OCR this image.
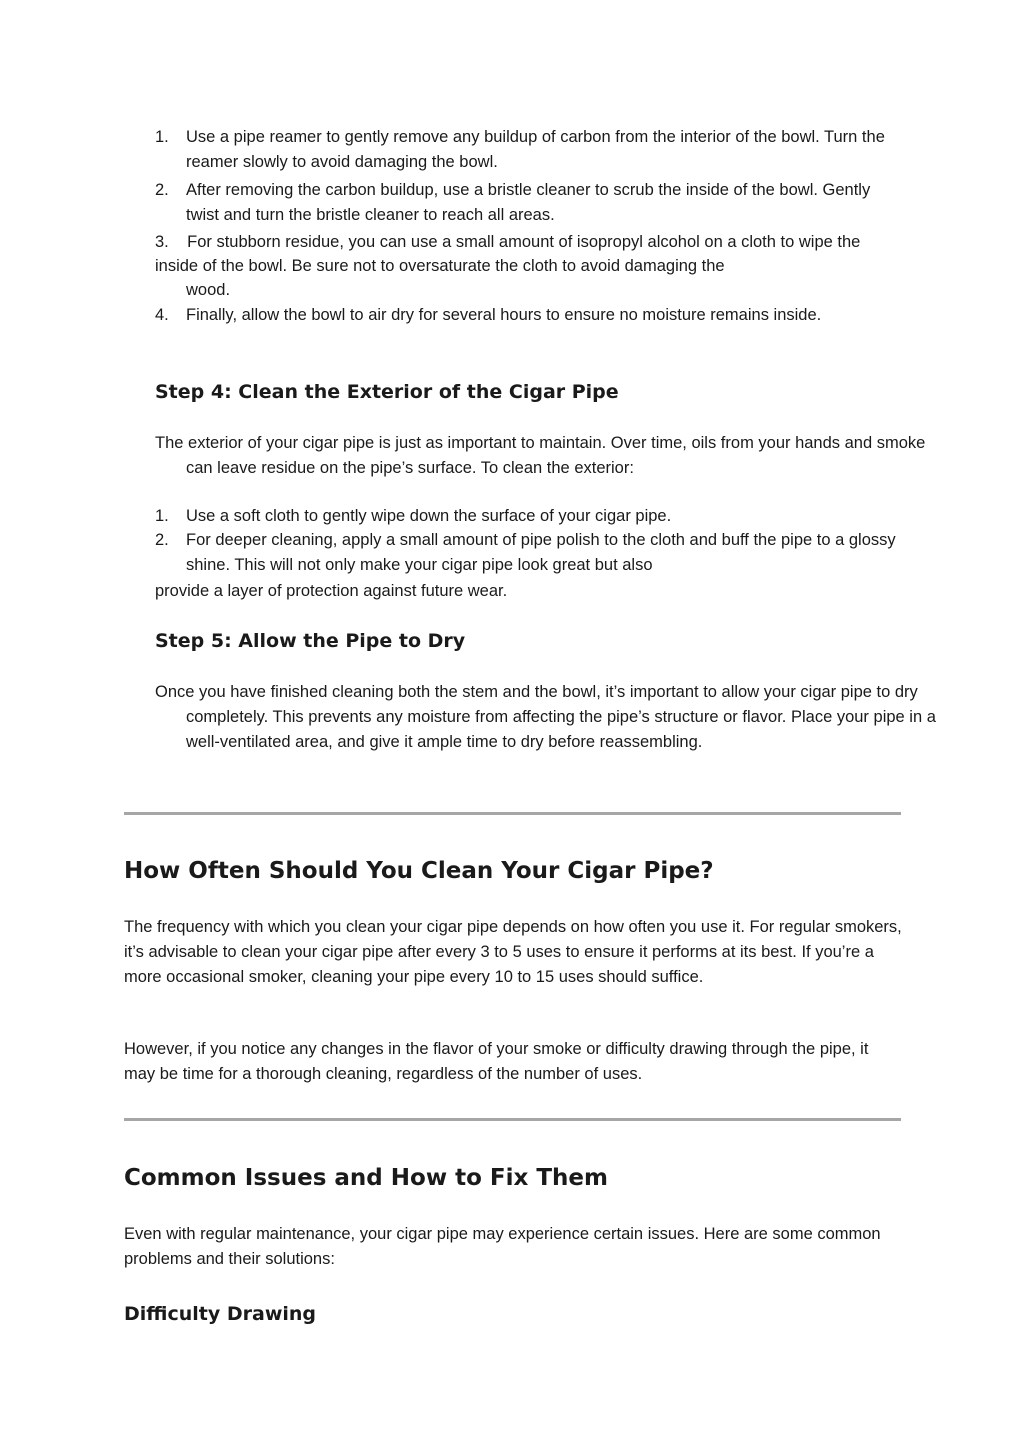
1.	Use a pipe reamer to gently remove any buildup of carbon from the interior of the bowl. Turn the reamer slowly to avoid damaging the bowl.
2.	After removing the carbon buildup, use a bristle cleaner to scrub the inside of the bowl. Gently twist and turn the bristle cleaner to reach all areas.
3. For stubborn residue, you can use a small amount of isopropyl alcohol on a cloth to wipe the inside of the bowl. Be sure not to oversaturate the cloth to avoid damaging the
wood.
4.	Finally, allow the bowl to air dry for several hours to ensure no moisture remains inside.
Step 4: Clean the Exterior of the Cigar Pipe
The exterior of your cigar pipe is just as important to maintain. Over time, oils from your hands and smoke can leave residue on the pipe’s surface. To clean the exterior:
1.	Use a soft cloth to gently wipe down the surface of your cigar pipe.
2.	For deeper cleaning, apply a small amount of pipe polish to the cloth and buff the pipe to a glossy shine. This will not only make your cigar pipe look great but also
provide a layer of protection against future wear.
Step 5: Allow the Pipe to Dry
Once you have finished cleaning both the stem and the bowl, it’s important to allow your cigar pipe to dry completely. This prevents any moisture from affecting the pipe’s structure or flavor. Place your pipe in a well-ventilated area, and give it ample time to dry before reassembling.
How Often Should You Clean Your Cigar Pipe?
The frequency with which you clean your cigar pipe depends on how often you use it. For regular smokers, it’s advisable to clean your cigar pipe after every 3 to 5 uses to ensure it performs at its best. If you’re a more occasional smoker, cleaning your pipe every 10 to 15 uses should suffice.
However, if you notice any changes in the flavor of your smoke or difficulty drawing through the pipe, it may be time for a thorough cleaning, regardless of the number of uses.
Common Issues and How to Fix Them
Even with regular maintenance, your cigar pipe may experience certain issues. Here are some common problems and their solutions:
Difficulty Drawing
